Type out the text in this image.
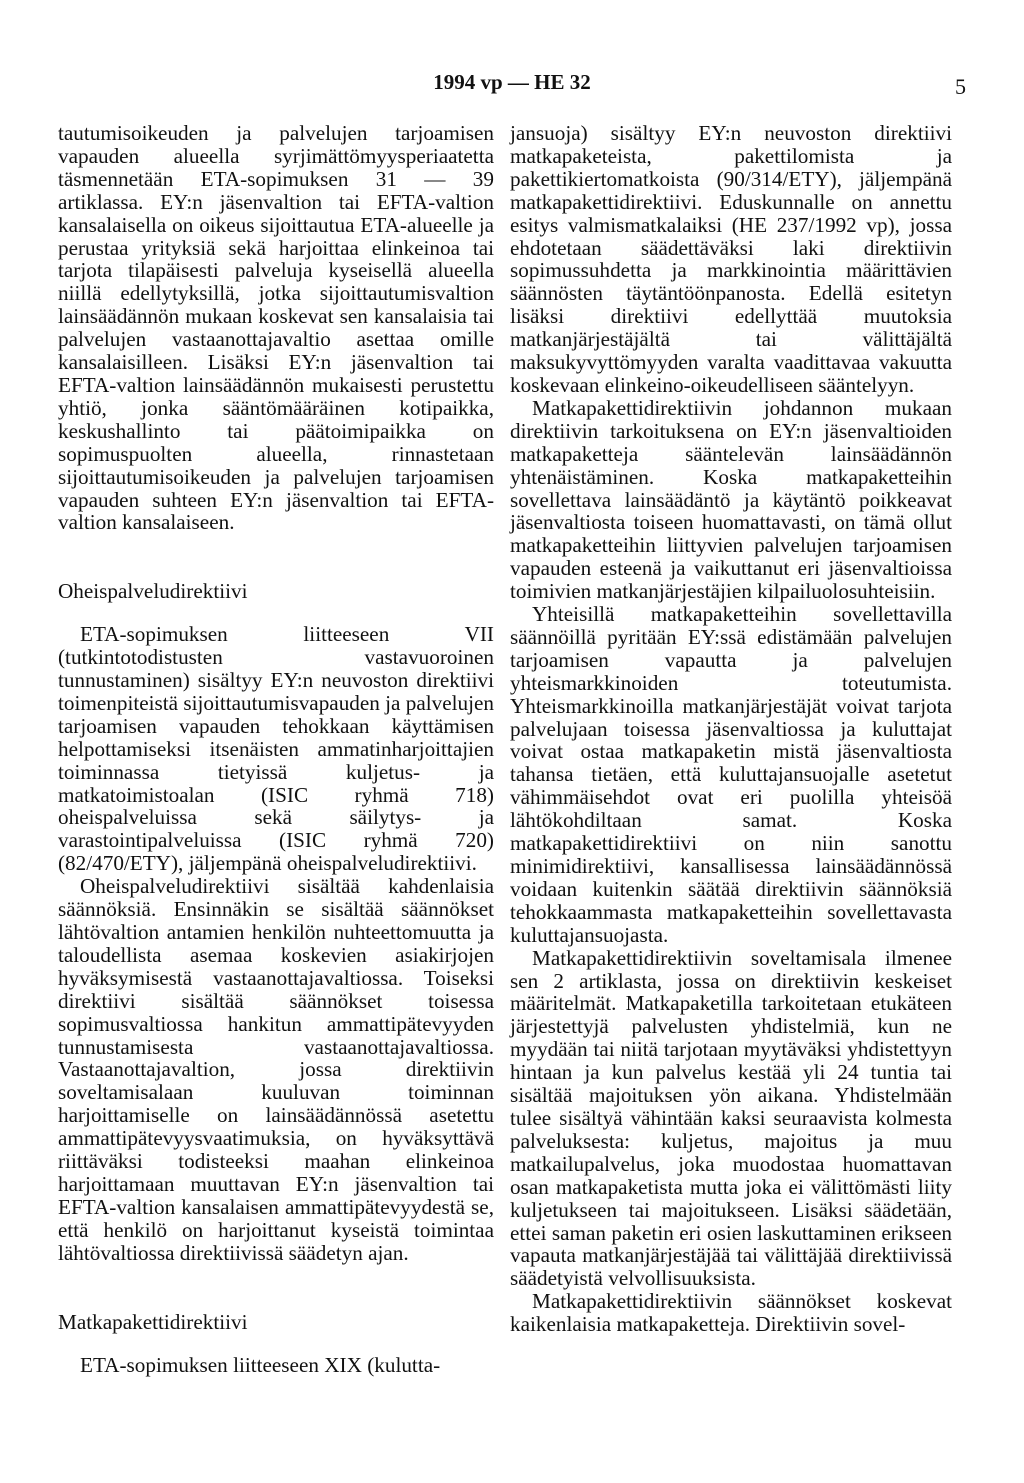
1994 vp — HE 32	5

tautumisoikeuden ja palvelujen tarjoamisen vapauden alueella syrjimättömyysperiaatetta täsmennetään ETA-sopimuksen 31 — 39 artiklassa. EY:n jäsenvaltion tai EFTA-valtion kansalaisella on oikeus sijoittautua ETA-alueelle ja perustaa yrityksiä sekä harjoittaa elinkeinoa tai tarjota tilapäisesti palveluja kyseisellä alueella niillä edellytyksillä, jotka sijoittautumisvaltion lainsäädännön mukaan koskevat sen kansalaisia tai palvelujen vastaanottajavaltio asettaa omille kansalaisilleen. Lisäksi EY:n jäsenvaltion tai EFTA-valtion lainsäädännön mukaisesti perustettu yhtiö, jonka sääntömääräinen kotipaikka, keskushallinto tai päätoimipaikka on sopimuspuolten alueella, rinnastetaan sijoittautumisoikeuden ja palvelujen tarjoamisen vapauden suhteen EY:n jäsenvaltion tai EFTA-valtion kansalaiseen.

Oheispalveludirektiivi

ETA-sopimuksen liitteeseen VII (tutkintotodistusten vastavuoroinen tunnustaminen) sisältyy EY:n neuvoston direktiivi toimenpiteistä sijoittautumisvapauden ja palvelujen tarjoamisen vapauden tehokkaan käyttämisen helpottamiseksi itsenäisten ammatinharjoittajien toiminnassa tietyissä kuljetus- ja matkatoimistoalan (ISIC ryhmä 718) oheispalveluissa sekä säilytys- ja varastointipalveluissa (ISIC ryhmä 720) (82/470/ETY), jäljempänä oheispalveludirektiivi.

Oheispalveludirektiivi sisältää kahdenlaisia säännöksiä. Ensinnäkin se sisältää säännökset lähtövaltion antamien henkilön nuhteettomuutta ja taloudellista asemaa koskevien asiakirjojen hyväksymisestä vastaanottajavaltiossa. Toiseksi direktiivi sisältää säännökset toisessa sopimusvaltiossa hankitun ammattipätevyyden tunnustamisesta vastaanottajavaltiossa. Vastaanottajavaltion, jossa direktiivin soveltamisalaan kuuluvan toiminnan harjoittamiselle on lainsäädännössä asetettu ammattipätevyysvaatimuksia, on hyväksyttävä riittäväksi todisteeksi maahan elinkeinoa harjoittamaan muuttavan EY:n jäsenvaltion tai EFTA-valtion kansalaisen ammattipätevyydestä se, että henkilö on harjoittanut kyseistä toimintaa lähtövaltiossa direktiivissä säädetyn ajan.

Matkapakettidirektiivi

ETA-sopimuksen liitteeseen XIX (kulutta-

jansuoja) sisältyy EY:n neuvoston direktiivi matkapaketeista, pakettilomista ja pakettikiertomatkoista (90/314/ETY), jäljempänä matkapakettidirektiivi. Eduskunnalle on annettu esitys valmismatkalaiksi (HE 237/1992 vp), jossa ehdotetaan säädettäväksi laki direktiivin sopimussuhdetta ja markkinointia määrittävien säännösten täytäntöönpanosta. Edellä esitetyn lisäksi direktiivi edellyttää muutoksia matkanjärjestäjältä tai välittäjältä maksukyvyttömyyden varalta vaadittavaa vakuutta koskevaan elinkeino-oikeudelliseen sääntelyyn.

Matkapakettidirektiivin johdannon mukaan direktiivin tarkoituksena on EY:n jäsenvaltioiden matkapaketteja sääntelevän lainsäädännön yhtenäistäminen. Koska matkapaketteihin sovellettava lainsäädäntö ja käytäntö poikkeavat jäsenvaltiosta toiseen huomattavasti, on tämä ollut matkapaketteihin liittyvien palvelujen tarjoamisen vapauden esteenä ja vaikuttanut eri jäsenvaltioissa toimivien matkanjärjestäjien kilpailuolosuhteisiin.

Yhteisillä matkapaketteihin sovellettavilla säännöillä pyritään EY:ssä edistämään palvelujen tarjoamisen vapautta ja palvelujen yhteismarkkinoiden toteutumista. Yhteismarkkinoilla matkanjärjestäjät voivat tarjota palvelujaan toisessa jäsenvaltiossa ja kuluttajat voivat ostaa matkapaketin mistä jäsenvaltiosta tahansa tietäen, että kuluttajansuojalle asetetut vähimmäisehdot ovat eri puolilla yhteisöä lähtökohdiltaan samat. Koska matkapakettidirektiivi on niin sanottu minimidirektiivi, kansallisessa lainsäädännössä voidaan kuitenkin säätää direktiivin säännöksiä tehokkaammasta matkapaketteihin sovellettavasta kuluttajansuojasta.

Matkapakettidirektiivin soveltamisala ilmenee sen 2 artiklasta, jossa on direktiivin keskeiset määritelmät. Matkapaketilla tarkoitetaan etukäteen järjestettyjä palvelusten yhdistelmiä, kun ne myydään tai niitä tarjotaan myytäväksi yhdistettyyn hintaan ja kun palvelus kestää yli 24 tuntia tai sisältää majoituksen yön aikana. Yhdistelmään tulee sisältyä vähintään kaksi seuraavista kolmesta palveluksesta: kuljetus, majoitus ja muu matkailupalvelus, joka muodostaa huomattavan osan matkapaketista mutta joka ei välittömästi liity kuljetukseen tai majoitukseen. Lisäksi säädetään, ettei saman paketin eri osien laskuttaminen erikseen vapauta matkanjärjestäjää tai välittäjää direktiivissä säädetyistä velvollisuuksista.

Matkapakettidirektiivin säännökset koskevat kaikenlaisia matkapaketteja. Direktiivin sovel-
